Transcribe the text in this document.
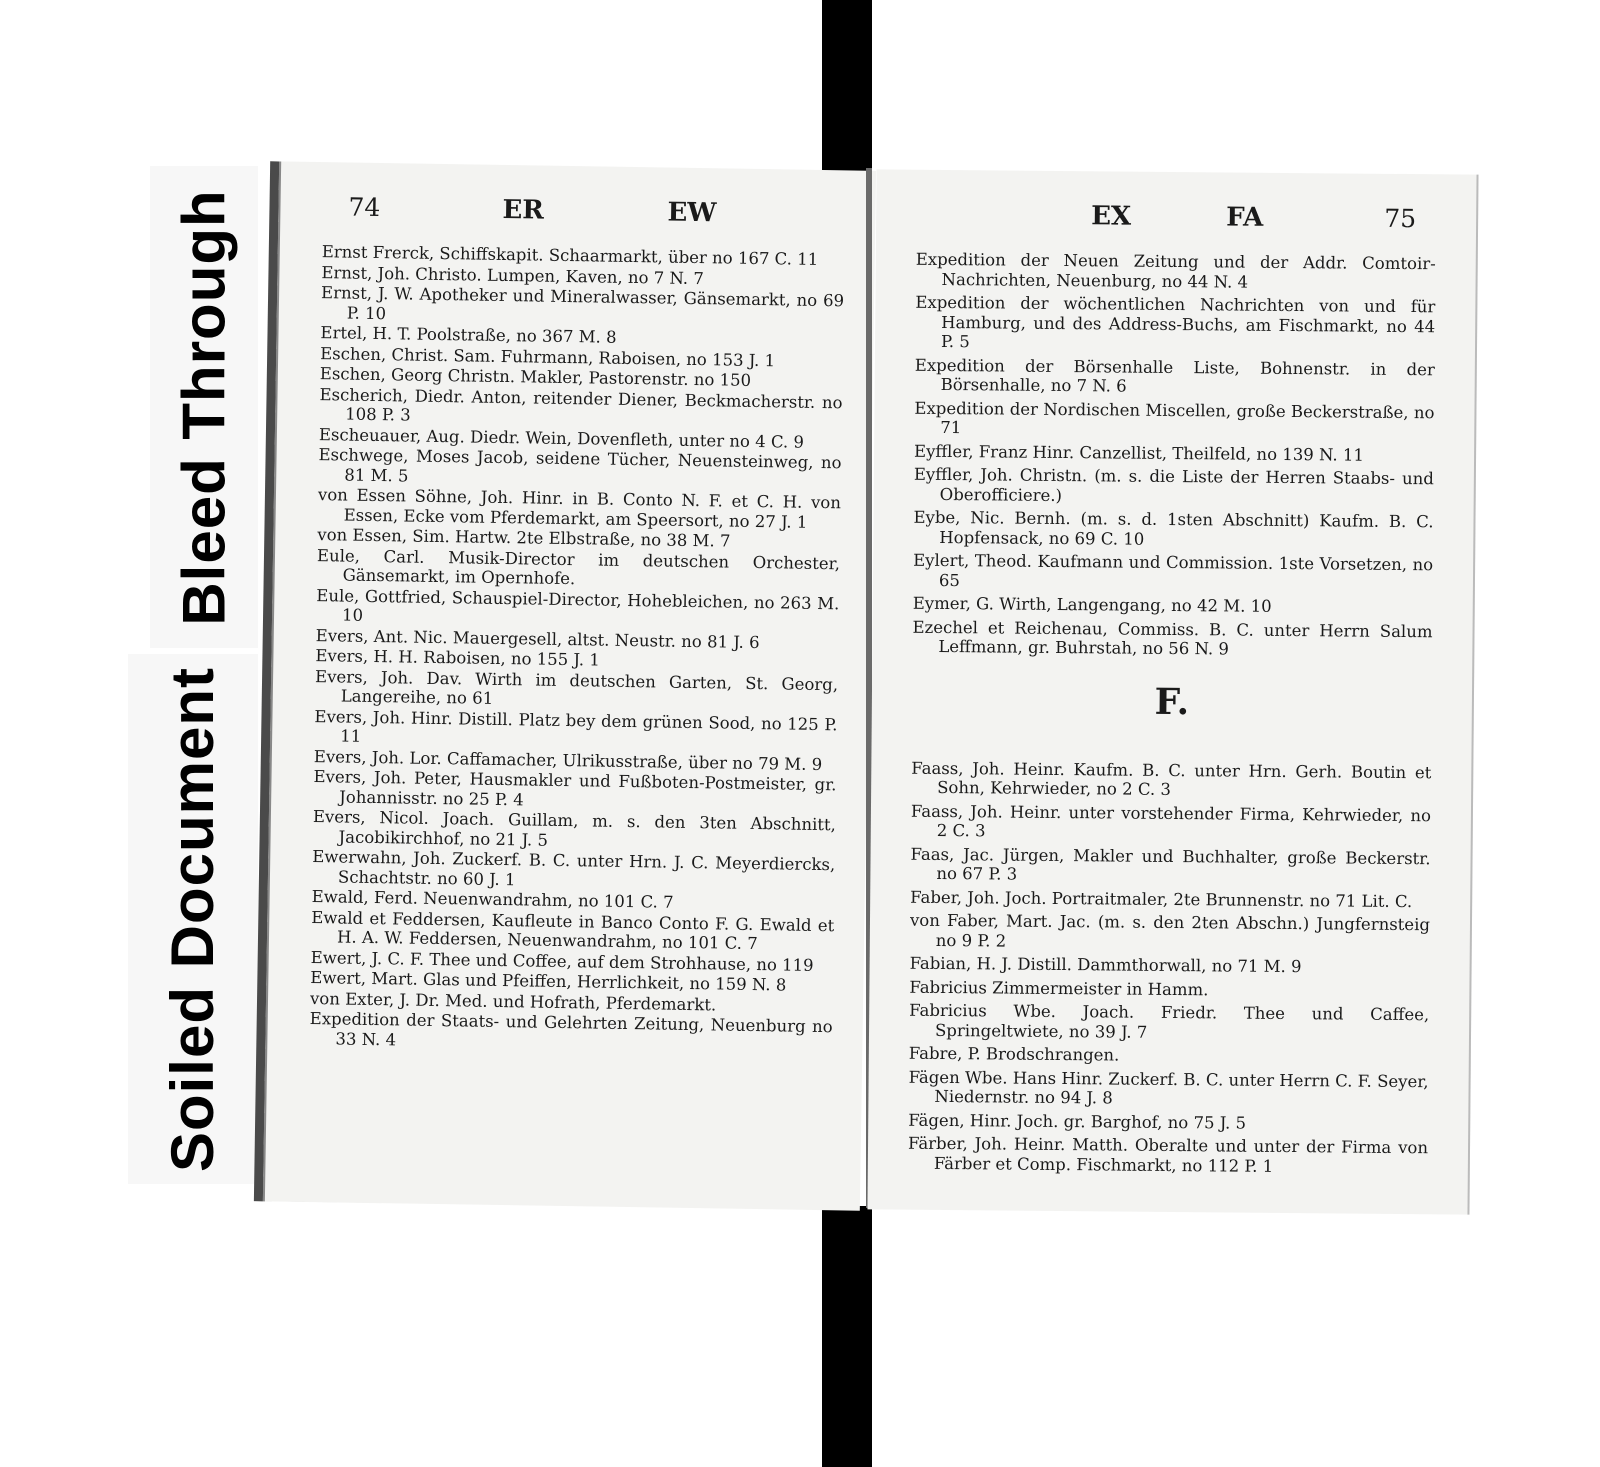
Bleed Through
Soiled Document
74	ER	EW
Ernst Frerck, Schiffskapit. Schaarmarkt, über no 167 C. 11
Ernst, Joh. Christo. Lumpen, Kaven, no 7 N. 7
Ernst, J. W. Apotheker und Mineralwasser, Gänsemarkt, no 69 P. 10
Ertel, H. T. Poolstraße, no 367 M. 8
Eschen, Christ. Sam. Fuhrmann, Raboisen, no 153 J. 1
Eschen, Georg Christn. Makler, Pastorenstr. no 150
Escherich, Diedr. Anton, reitender Diener, Beckmacherstr. no 108 P. 3
Escheuauer, Aug. Diedr. Wein, Dovenfleth, unter no 4 C. 9
Eschwege, Moses Jacob, seidene Tücher, Neuensteinweg, no 81 M. 5
von Essen Söhne, Joh. Hinr. in B. Conto N. F. et C. H. von Essen, Ecke vom Pferdemarkt, am Speersort, no 27 J. 1
von Essen, Sim. Hartw. 2te Elbstraße, no 38 M. 7
Eule, Carl. Musik-Director im deutschen Orchester, Gänsemarkt, im Opernhofe.
Eule, Gottfried, Schauspiel-Director, Hohebleichen, no 263 M. 10
Evers, Ant. Nic. Mauergesell, altst. Neustr. no 81 J. 6
Evers, H. H. Raboisen, no 155 J. 1
Evers, Joh. Dav. Wirth im deutschen Garten, St. Georg, Langereihe, no 61
Evers, Joh. Hinr. Distill. Platz bey dem grünen Sood, no 125 P. 11
Evers, Joh. Lor. Caffamacher, Ulrikusstraße, über no 79 M. 9
Evers, Joh. Peter, Hausmakler und Fußboten-Postmeister, gr. Johannisstr. no 25 P. 4
Evers, Nicol. Joach. Guillam, m. s. den 3ten Abschnitt, Jacobikirchhof, no 21 J. 5
Ewerwahn, Joh. Zuckerf. B. C. unter Hrn. J. C. Meyerdiercks, Schachtstr. no 60 J. 1
Ewald, Ferd. Neuenwandrahm, no 101 C. 7
Ewald et Feddersen, Kaufleute in Banco Conto F. G. Ewald et H. A. W. Feddersen, Neuenwandrahm, no 101 C. 7
Ewert, J. C. F. Thee und Coffee, auf dem Strohhause, no 119
Ewert, Mart. Glas und Pfeiffen, Herrlichkeit, no 159 N. 8
von Exter, J. Dr. Med. und Hofrath, Pferdemarkt.
Expedition der Staats- und Gelehrten Zeitung, Neuenburg no 33 N. 4
EX	FA	75
Expedition der Neuen Zeitung und der Addr. Comtoir-Nachrichten, Neuenburg, no 44 N. 4
Expedition der wöchentlichen Nachrichten von und für Hamburg, und des Address-Buchs, am Fischmarkt, no 44 P. 5
Expedition der Börsenhalle Liste, Bohnenstr. in der Börsenhalle, no 7 N. 6
Expedition der Nordischen Miscellen, große Beckerstraße, no 71
Eyffler, Franz Hinr. Canzellist, Theilfeld, no 139 N. 11
Eyffler, Joh. Christn. (m. s. die Liste der Herren Staabs- und Oberofficiere.)
Eybe, Nic. Bernh. (m. s. d. 1sten Abschnitt) Kaufm. B. C. Hopfensack, no 69 C. 10
Eylert, Theod. Kaufmann und Commission. 1ste Vorsetzen, no 65
Eymer, G. Wirth, Langengang, no 42 M. 10
Ezechel et Reichenau, Commiss. B. C. unter Herrn Salum Leffmann, gr. Buhrstah, no 56 N. 9
F.
Faass, Joh. Heinr. Kaufm. B. C. unter Hrn. Gerh. Boutin et Sohn, Kehrwieder, no 2 C. 3
Faass, Joh. Heinr. unter vorstehender Firma, Kehrwieder, no 2 C. 3
Faas, Jac. Jürgen, Makler und Buchhalter, große Beckerstr. no 67 P. 3
Faber, Joh. Joch. Portraitmaler, 2te Brunnenstr. no 71 Lit. C.
von Faber, Mart. Jac. (m. s. den 2ten Abschn.) Jungfernsteig no 9 P. 2
Fabian, H. J. Distill. Dammthorwall, no 71 M. 9
Fabricius Zimmermeister in Hamm.
Fabricius Wbe. Joach. Friedr. Thee und Caffee, Springeltwiete, no 39 J. 7
Fabre, P. Brodschrangen.
Fägen Wbe. Hans Hinr. Zuckerf. B. C. unter Herrn C. F. Seyer, Niedernstr. no 94 J. 8
Fägen, Hinr. Joch. gr. Barghof, no 75 J. 5
Färber, Joh. Heinr. Matth. Oberalte und unter der Firma von Färber et Comp. Fischmarkt, no 112 P. 1
